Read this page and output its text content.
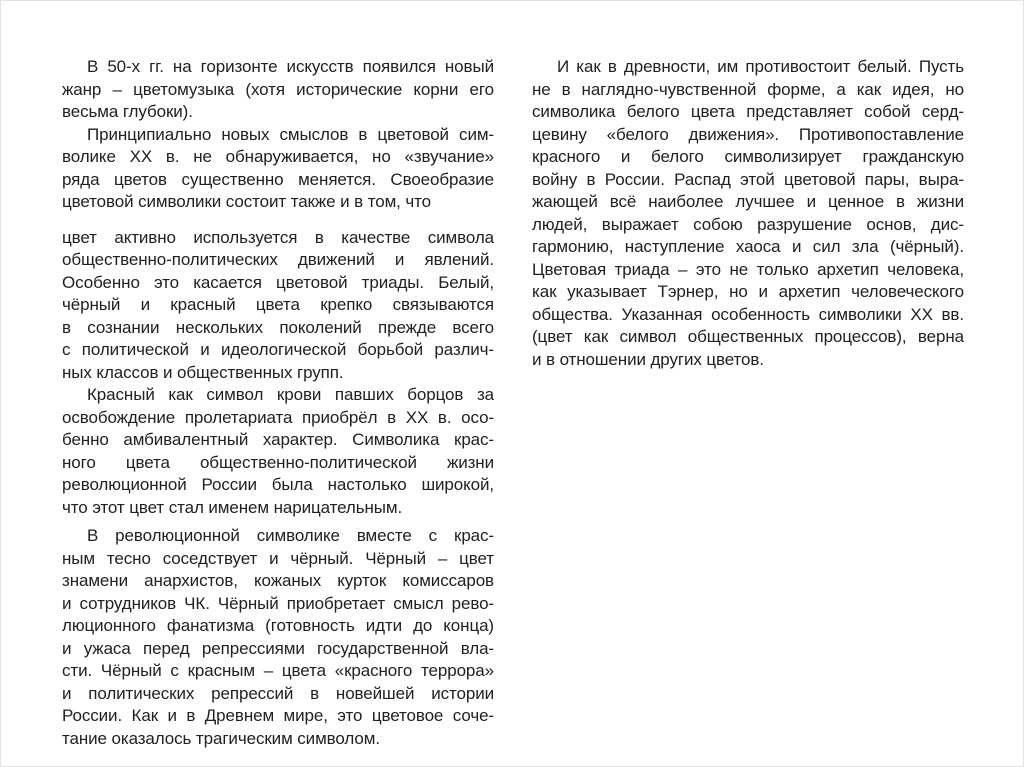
В 50-х гг. на горизонте искусств появился новый
жанр – цветомузыка (хотя исторические корни его
весьма глубоки).
Принципиально новых смыслов в цветовой сим-
волике XX в. не обнаруживается, но «звучание»
ряда цветов существенно меняется. Своеобразие
цветовой символики состоит также и в том, что
цвет активно используется в качестве символа
общественно-политических движений и явлений.
Особенно это касается цветовой триады. Белый,
чёрный и красный цвета крепко связываются
в сознании нескольких поколений прежде всего
с политической и идеологической борьбой различ-
ных классов и общественных групп.
Красный как символ крови павших борцов за
освобождение пролетариата приобрёл в XX в. осо-
бенно амбивалентный характер. Символика крас-
ного цвета общественно-политической жизни
революционной России была настолько широкой,
что этот цвет стал именем нарицательным.
В революционной символике вместе с крас-
ным тесно соседствует и чёрный. Чёрный – цвет
знамени анархистов, кожаных курток комиссаров
и сотрудников ЧК. Чёрный приобретает смысл рево-
люционного фанатизма (готовность идти до конца)
и ужаса перед репрессиями государственной вла-
сти. Чёрный с красным – цвета «красного террора»
и политических репрессий в новейшей истории
России. Как и в Древнем мире, это цветовое соче-
тание оказалось трагическим символом.
И как в древности, им противостоит белый. Пусть
не в наглядно-чувственной форме, а как идея, но
символика белого цвета представляет собой серд-
цевину «белого движения». Противопоставление
красного и белого символизирует гражданскую
войну в России. Распад этой цветовой пары, выра-
жающей всё наиболее лучшее и ценное в жизни
людей, выражает собою разрушение основ, дис-
гармонию, наступление хаоса и сил зла (чёрный).
Цветовая триада – это не только архетип человека,
как указывает Тэрнер, но и архетип человеческого
общества. Указанная особенность символики XX вв.
(цвет как символ общественных процессов), верна
и в отношении других цветов.
